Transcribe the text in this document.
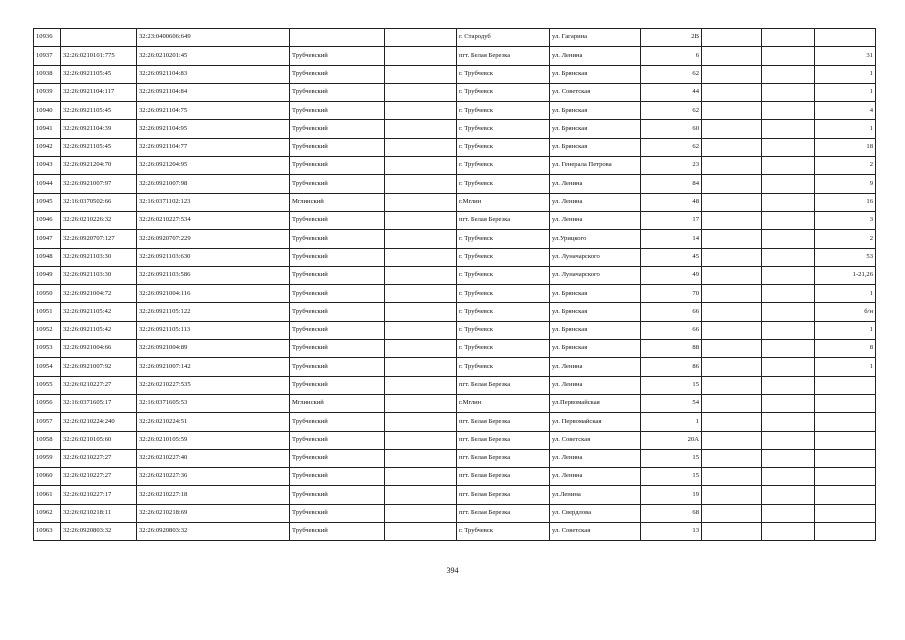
10936		32:23:0400606:649			г. Стародуб	ул. Гагарина	2В			
10937	32:26:0210101:775	32:26:0210201:45	Трубчевский		пгт. Белая Березка	ул. Ленина	6			31
10938	32:26:0921105:45	32:26:0921104:83	Трубчевский		г. Трубчевск	ул. Брянская	62			1
10939	32:26:0921104:117	32:26:0921104:84	Трубчевский		г. Трубчевск	ул. Советская	44			1
10940	32:26:0921105:45	32:26:0921104:75	Трубчевский		г. Трубчевск	ул. Брянская	62			4
10941	32:26:0921104:39	32:26:0921104:95	Трубчевский		г. Трубчевск	ул. Брянская	60			1
10942	32:26:0921105:45	32:26:0921104:77	Трубчевский		г. Трубчевск	ул. Брянская	62			18
10943	32:26:0921204:70	32:26:0921204:95	Трубчевский		г. Трубчевск	ул. Генерала Петрова	23			2
10944	32:26:0921007:97	32:26:0921007:98	Трубчевский		г. Трубчевск	ул. Ленина	84			9
10945	32:16:0370502:66	32:16:0371102:123	Мглинский		г.Мглин	ул. Ленина	48			16
10946	32:26:0210226:32	32:26:0210227:534	Трубчевский		пгт. Белая Березка	ул. Ленина	17			3
10947	32:26:0920707:127	32:26:0920707:229	Трубчевский		г. Трубчевск	ул.Урицкого	14			2
10948	32:26:0921103:30	32:26:0921103:630	Трубчевский		г. Трубчевск	ул. Луначарского	45			53
10949	32:26:0921103:30	32:26:0921103:586	Трубчевский		г. Трубчевск	ул. Луначарского	49			1-21,26
10950	32:26:0921004:72	32:26:0921004:116	Трубчевский		г. Трубчевск	ул. Брянская	70			1
10951	32:26:0921105:42	32:26:0921105:122	Трубчевский		г. Трубчевск	ул. Брянская	66			б/н
10952	32:26:0921105:42	32:26:0921105:113	Трубчевский		г. Трубчевск	ул. Брянская	66			1
10953	32:26:0921004:66	32:26:0921004:89	Трубчевский		г. Трубчевск	ул. Брянская	88			8
10954	32:26:0921007:92	32:26:0921007:142	Трубчевский		г. Трубчевск	ул. Ленина	86			1
10955	32:26:0210227:27	32:26:0210227:535	Трубчевский		пгт. Белая Березка	ул. Ленина	15			
10956	32:16:0371605:17	32:16:0371605:53	Мглинский		г.Мглин	ул.Первомайская	54			
10957	32:26:0210224:240	32:26:0210224:51	Трубчевский		пгт. Белая Березка	ул. Первомайская	1			
10958	32:26:0210105:60	32:26:0210105:59	Трубчевский		пгт. Белая Березка	ул. Советская	20А			
10959	32:26:0210227:27	32:26:0210227:40	Трубчевский		пгт. Белая Березка	ул. Ленина	15			
10960	32:26:0210227:27	32:26:0210227:36	Трубчевский		пгт. Белая Березка	ул. Ленина	15			
10961	32:26:0210227:17	32:26:0210227:18	Трубчевский		пгт. Белая Березка	ул.Ленина	19			
10962	32:26:0210218:11	32:26:0210218:69	Трубчевский		пгт. Белая Березка	ул. Свердлова	68			
10963	32:26:0920803:32	32:26:0920803:32	Трубчевский		г. Трубчевск	ул. Советская	13			
394
